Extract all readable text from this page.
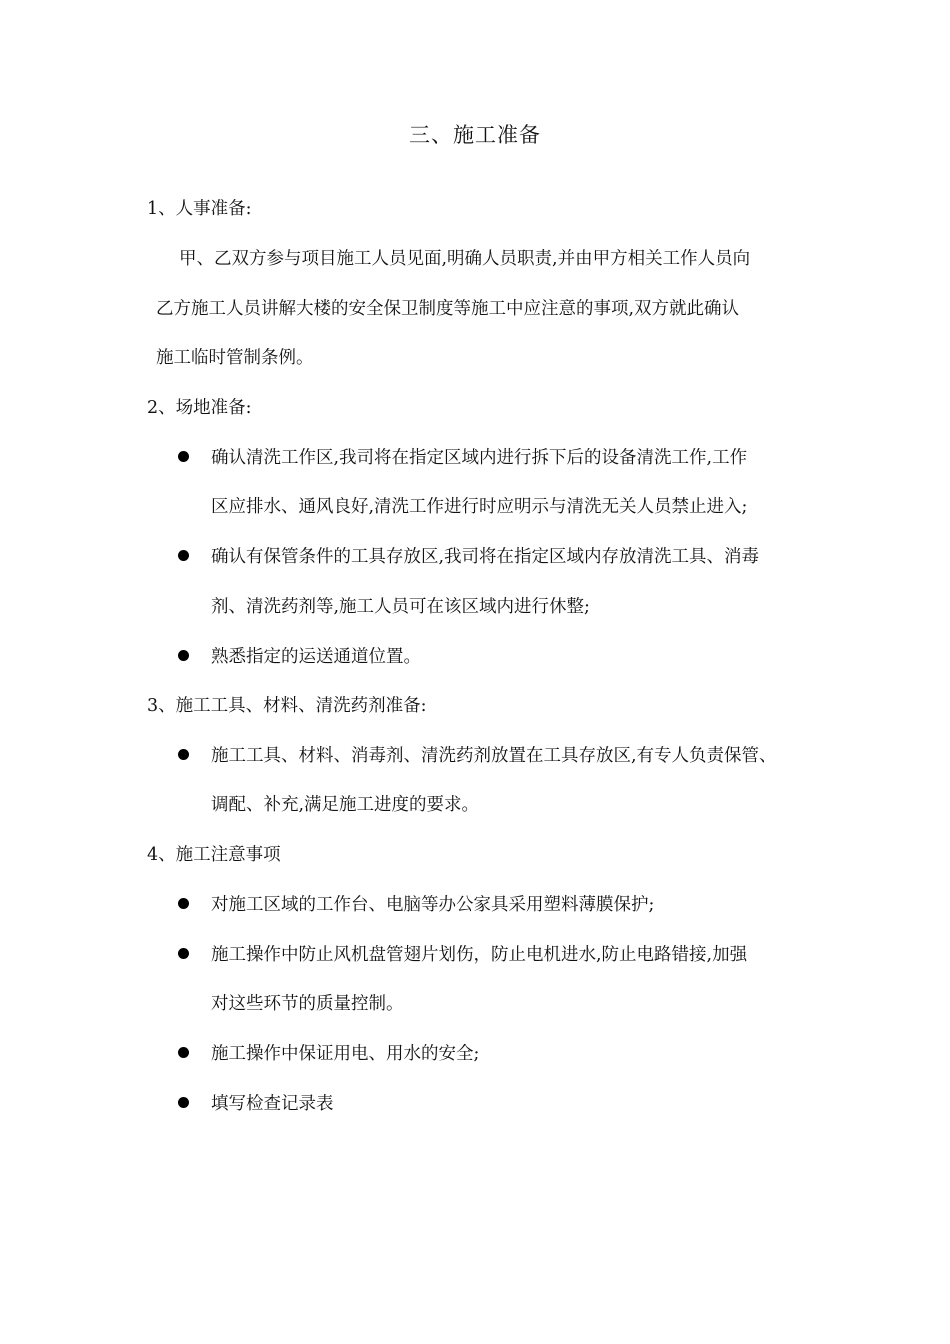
三、施工准备
1、人事准备:
甲、乙双方参与项目施工人员见面,明确人员职责,并由甲方相关工作人员向
乙方施工人员讲解大楼的安全保卫制度等施工中应注意的事项,双方就此确认
施工临时管制条例。
2、场地准备:
确认清洗工作区,我司将在指定区域内进行拆下后的设备清洗工作,工作
区应排水、通风良好,清洗工作进行时应明示与清洗无关人员禁止进入;
确认有保管条件的工具存放区,我司将在指定区域内存放清洗工具、消毒
剂、清洗药剂等,施工人员可在该区域内进行休整;
熟悉指定的运送通道位置。
3、施工工具、材料、清洗药剂准备:
施工工具、材料、消毒剂、清洗药剂放置在工具存放区,有专人负责保管、
调配、补充,满足施工进度的要求。
4、施工注意事项
对施工区域的工作台、电脑等办公家具采用塑料薄膜保护;
施工操作中防止风机盘管翅片划伤，防止电机进水,防止电路错接,加强
对这些环节的质量控制。
施工操作中保证用电、用水的安全;
填写检查记录表
